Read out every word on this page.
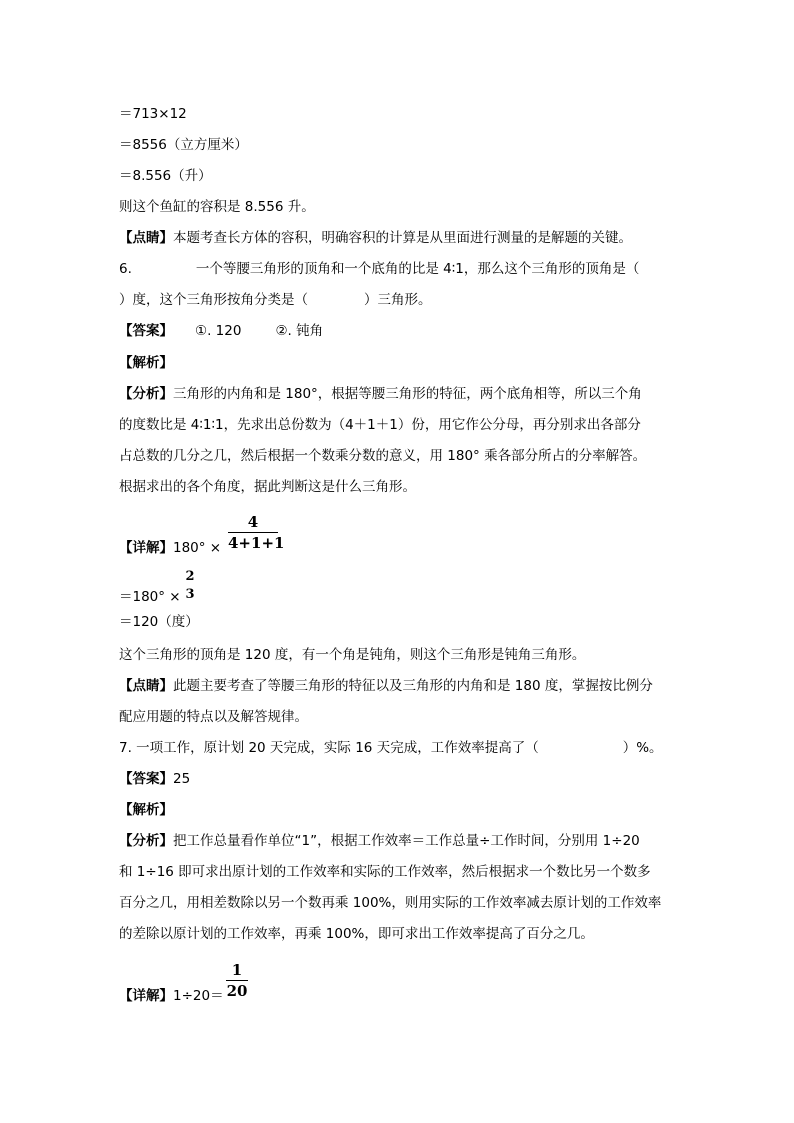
＝713×12
＝8556（立方厘米）
＝8.556（升）
则这个鱼缸的容积是 8.556 升。
【点睛】本题考查长方体的容积，明确容积的计算是从里面进行测量的是解题的关键。
6.	一个等腰三角形的顶角和一个底角的比是 4∶1，那么这个三角形的顶角是（
）度，这个三角形按角分类是（	）三角形。
【答案】 ①. 120	②. 钝角
【解析】
【分析】三角形的内角和是 180°，根据等腰三角形的特征，两个底角相等，所以三个角
的度数比是 4∶1∶1，先求出总份数为（4＋1＋1）份，用它作公分母，再分别求出各部分
占总数的几分之几，然后根据一个数乘分数的意义，用 180° 乘各部分所占的分率解答。
根据求出的各个角度，据此判断这是什么三角形。
【详解】180° ×
4
4+1+1
＝180° ×
2
3
＝120（度）
这个三角形的顶角是 120 度，有一个角是钝角，则这个三角形是钝角三角形。
【点睛】此题主要考查了等腰三角形的特征以及三角形的内角和是 180 度，掌握按比例分
配应用题的特点以及解答规律。
7. 一项工作，原计划 20 天完成，实际 16 天完成，工作效率提高了（	）%。
【答案】25
【解析】
【分析】把工作总量看作单位“1”，根据工作效率＝工作总量÷工作时间，分别用 1÷20
和 1÷16 即可求出原计划的工作效率和实际的工作效率，然后根据求一个数比另一个数多
百分之几，用相差数除以另一个数再乘 100%，则用实际的工作效率减去原计划的工作效率
的差除以原计划的工作效率，再乘 100%，即可求出工作效率提高了百分之几。
【详解】1÷20＝
1
20
